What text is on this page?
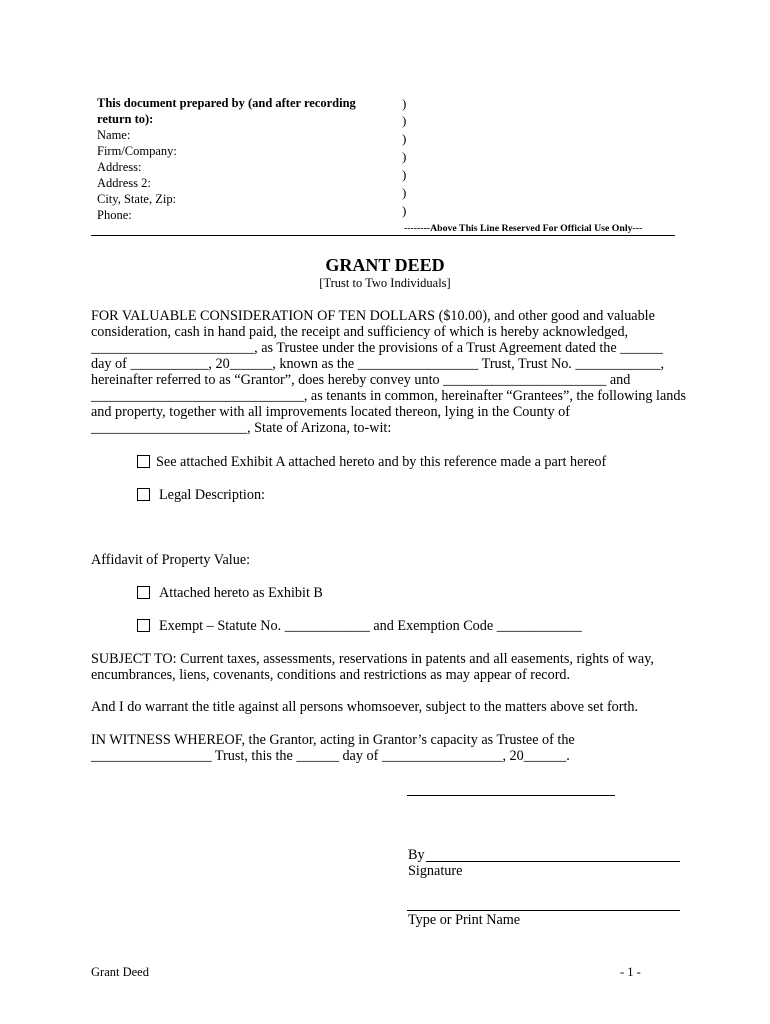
This document prepared by (and after recording
return to):
Name:
Firm/Company:
Address:
Address 2:
City, State, Zip:
Phone:
)
)
)
)
)
)
)
--------Above This Line Reserved For Official Use Only---
GRANT DEED
[Trust to Two Individuals]
FOR VALUABLE CONSIDERATION OF TEN DOLLARS ($10.00), and other good and valuable
consideration, cash in hand paid, the receipt and sufficiency of which is hereby acknowledged,
_______________________, as Trustee under the provisions of a Trust Agreement dated the ______
day of ___________, 20______, known as the _________________ Trust, Trust No. ____________,
hereinafter referred to as “Grantor”, does hereby convey unto _______________________ and
______________________________, as tenants in common, hereinafter “Grantees”, the following lands
and property, together with all improvements located thereon, lying in the County of
______________________, State of Arizona, to-wit:
See attached Exhibit A attached hereto and by this reference made a part hereof
Legal Description:
Affidavit of Property Value:
Attached hereto as Exhibit B
Exempt – Statute No. ____________ and Exemption Code ____________
SUBJECT TO: Current taxes, assessments, reservations in patents and all easements, rights of way,
encumbrances, liens, covenants, conditions and restrictions as may appear of record.
And I do warrant the title against all persons whomsoever, subject to the matters above set forth.
IN WITNESS WHEREOF, the Grantor, acting in Grantor’s capacity as Trustee of the
_________________ Trust, this the ______ day of _________________, 20______.
By
Signature
Type or Print Name
Grant Deed	- 1 -
